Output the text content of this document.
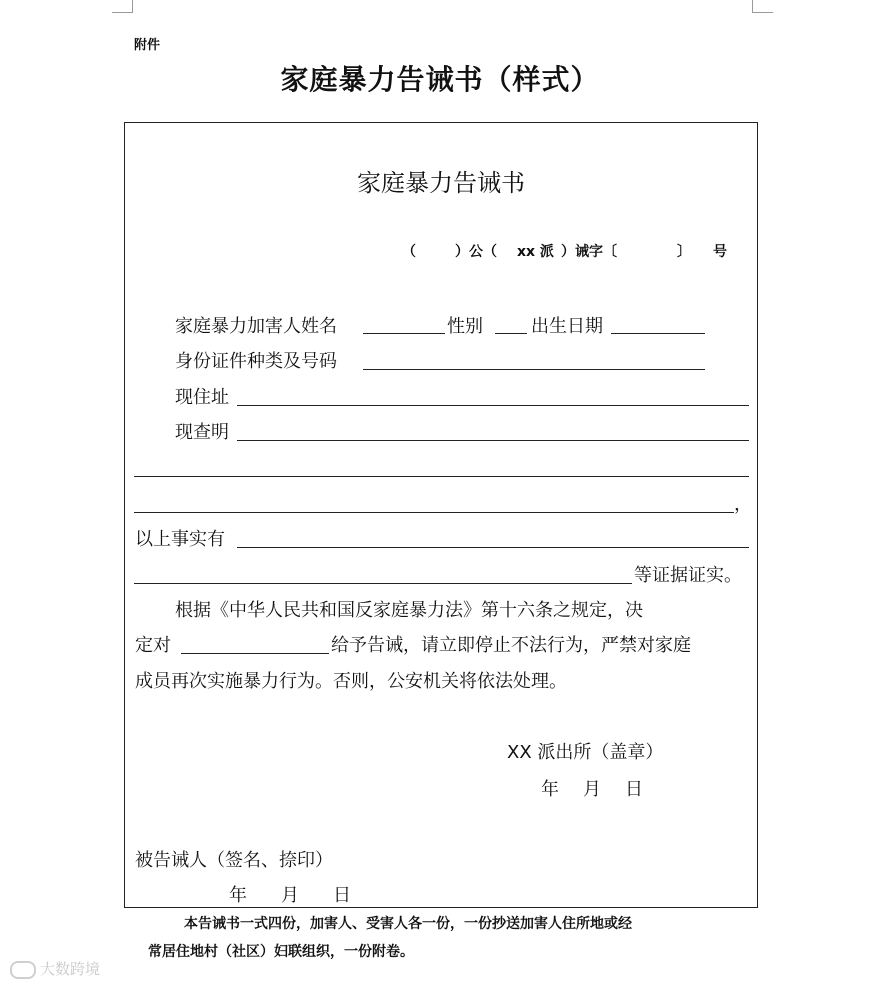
附件
家庭暴力告诫书（样式）
家庭暴力告诫书
（	）公（ xx 派 ）诫字〔	〕 号
家庭暴力加害人姓名	性别	出生日期
身份证件种类及号码
现住址
现查明
，
以上事实有
等证据证实。
根据《中华人民共和国反家庭暴力法》第十六条之规定，决
定对	给予告诫，请立即停止不法行为，严禁对家庭
成员再次实施暴力行为。否则，公安机关将依法处理。
XX 派出所（盖章）
年 月 日
被告诫人（签名、捺印）
年 月 日
本告诫书一式四份，加害人、受害人各一份，一份抄送加害人住所地或经
常居住地村（社区）妇联组织，一份附卷。
大数跨境
